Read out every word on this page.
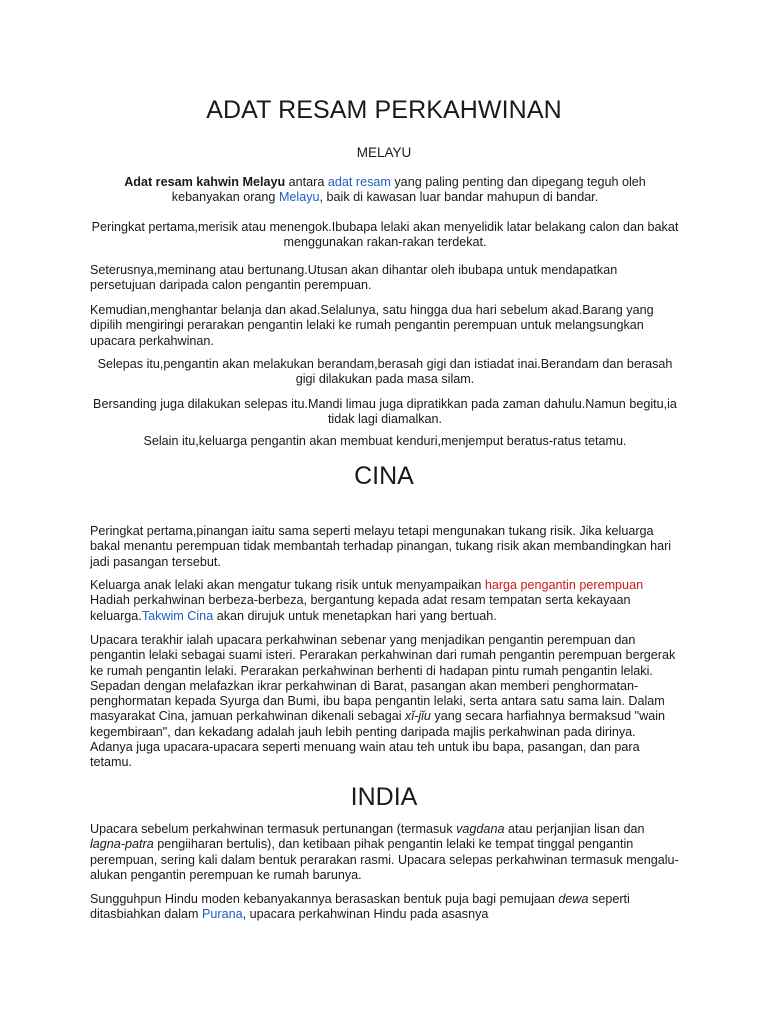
ADAT RESAM PERKAHWINAN
MELAYU

Adat resam kahwin Melayu antara adat resam yang paling penting dan dipegang teguh oleh kebanyakan orang Melayu, baik di kawasan luar bandar mahupun di bandar.

Peringkat pertama,merisik atau menengok.Ibubapa lelaki akan menyelidik latar belakang calon dan bakat menggunakan rakan-rakan terdekat.

Seterusnya,meminang atau bertunang.Utusan akan dihantar oleh ibubapa untuk mendapatkan persetujuan daripada calon pengantin perempuan.

Kemudian,menghantar belanja dan akad.Selalunya, satu hingga dua hari sebelum akad.Barang yang dipilih mengiringi perarakan pengantin lelaki ke rumah pengantin perempuan untuk melangsungkan upacara perkahwinan.

Selepas itu,pengantin akan melakukan berandam,berasah gigi dan istiadat inai.Berandam dan berasah gigi dilakukan pada masa silam.

Bersanding juga dilakukan selepas itu.Mandi limau juga dipratikkan pada zaman dahulu.Namun begitu,ia tidak lagi diamalkan.

Selain itu,keluarga pengantin akan membuat kenduri,menjemput beratus-ratus tetamu.

CINA

Peringkat pertama,pinangan iaitu sama seperti melayu tetapi mengunakan tukang risik. Jika keluarga bakal menantu perempuan tidak membantah terhadap pinangan, tukang risik akan membandingkan hari jadi pasangan tersebut.

Keluarga anak lelaki akan mengatur tukang risik untuk menyampaikan harga pengantin perempuan Hadiah perkahwinan berbeza-berbeza, bergantung kepada adat resam tempatan serta kekayaan keluarga.Takwim Cina akan dirujuk untuk menetapkan hari yang bertuah.

Upacara terakhir ialah upacara perkahwinan sebenar yang menjadikan pengantin perempuan dan pengantin lelaki sebagai suami isteri. Perarakan perkahwinan dari rumah pengantin perempuan bergerak ke rumah pengantin lelaki. Perarakan perkahwinan berhenti di hadapan pintu rumah pengantin lelaki. Sepadan dengan melafazkan ikrar perkahwinan di Barat, pasangan akan memberi penghormatan-penghormatan kepada Syurga dan Bumi, ibu bapa pengantin lelaki, serta antara satu sama lain. Dalam masyarakat Cina, jamuan perkahwinan dikenali sebagai xǐ-jǐu yang secara harfiahnya bermaksud "wain kegembiraan", dan kekadang adalah jauh lebih penting daripada majlis perkahwinan pada dirinya. Adanya juga upacara-upacara seperti menuang wain atau teh untuk ibu bapa, pasangan, dan para tetamu.

INDIA

Upacara sebelum perkahwinan termasuk pertunangan (termasuk vagdana atau perjanjian lisan dan lagna-patra pengiiharan bertulis), dan ketibaan pihak pengantin lelaki ke tempat tinggal pengantin perempuan, sering kali dalam bentuk perarakan rasmi. Upacara selepas perkahwinan termasuk mengalu-alukan pengantin perempuan ke rumah barunya.

Sungguhpun Hindu moden kebanyakannya berasaskan bentuk puja bagi pemujaan dewa seperti ditasbiahkan dalam Purana, upacara perkahwinan Hindu pada asasnya
